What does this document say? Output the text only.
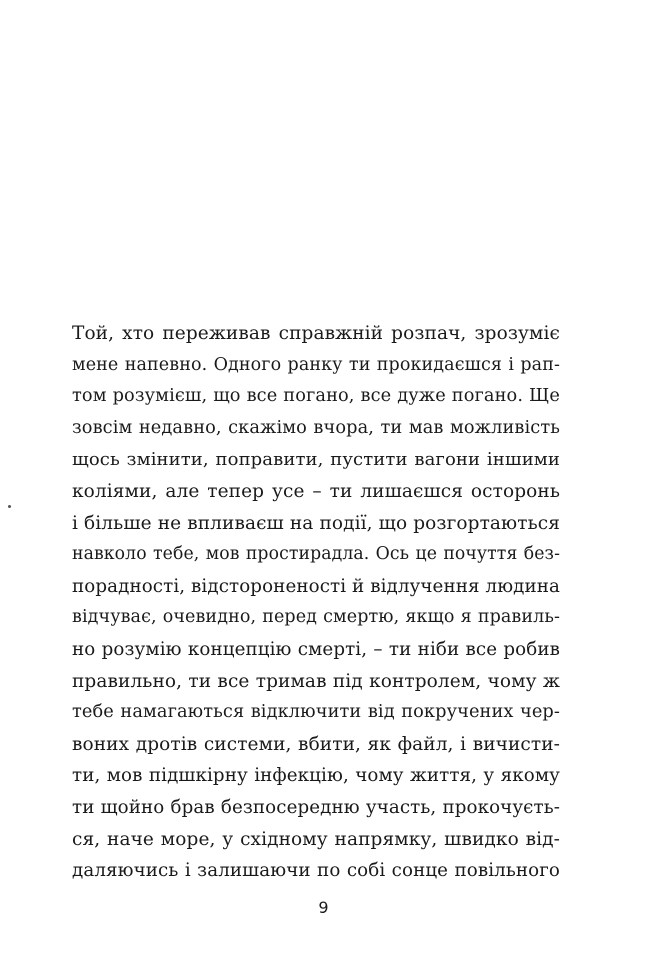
Той, хто переживав справжній розпач, зрозуміє
мене напевно. Одного ранку ти прокидаєшся і рап-
том розумієш, що все погано, все дуже погано. Ще
зовсім недавно, скажімо вчора, ти мав можливість
щось змінити, поправити, пустити вагони іншими
коліями, але тепер усе – ти лишаєшся осторонь
і більше не впливаєш на події, що розгортаються
навколо тебе, мов простирадла. Ось це почуття без-
порадності, відстороненості й відлучення людина
відчуває, очевидно, перед смертю, якщо я правиль-
но розумію концепцію смерті, – ти ніби все робив
правильно, ти все тримав під контролем, чому ж
тебе намагаються відключити від покручених чер-
воних дротів системи, вбити, як файл, і вичисти-
ти, мов підшкірну інфекцію, чому життя, у якому
ти щойно брав безпосередню участь, прокочуєть-
ся, наче море, у східному напрямку, швидко від-
даляючись і залишаючи по собі сонце повільного
9
